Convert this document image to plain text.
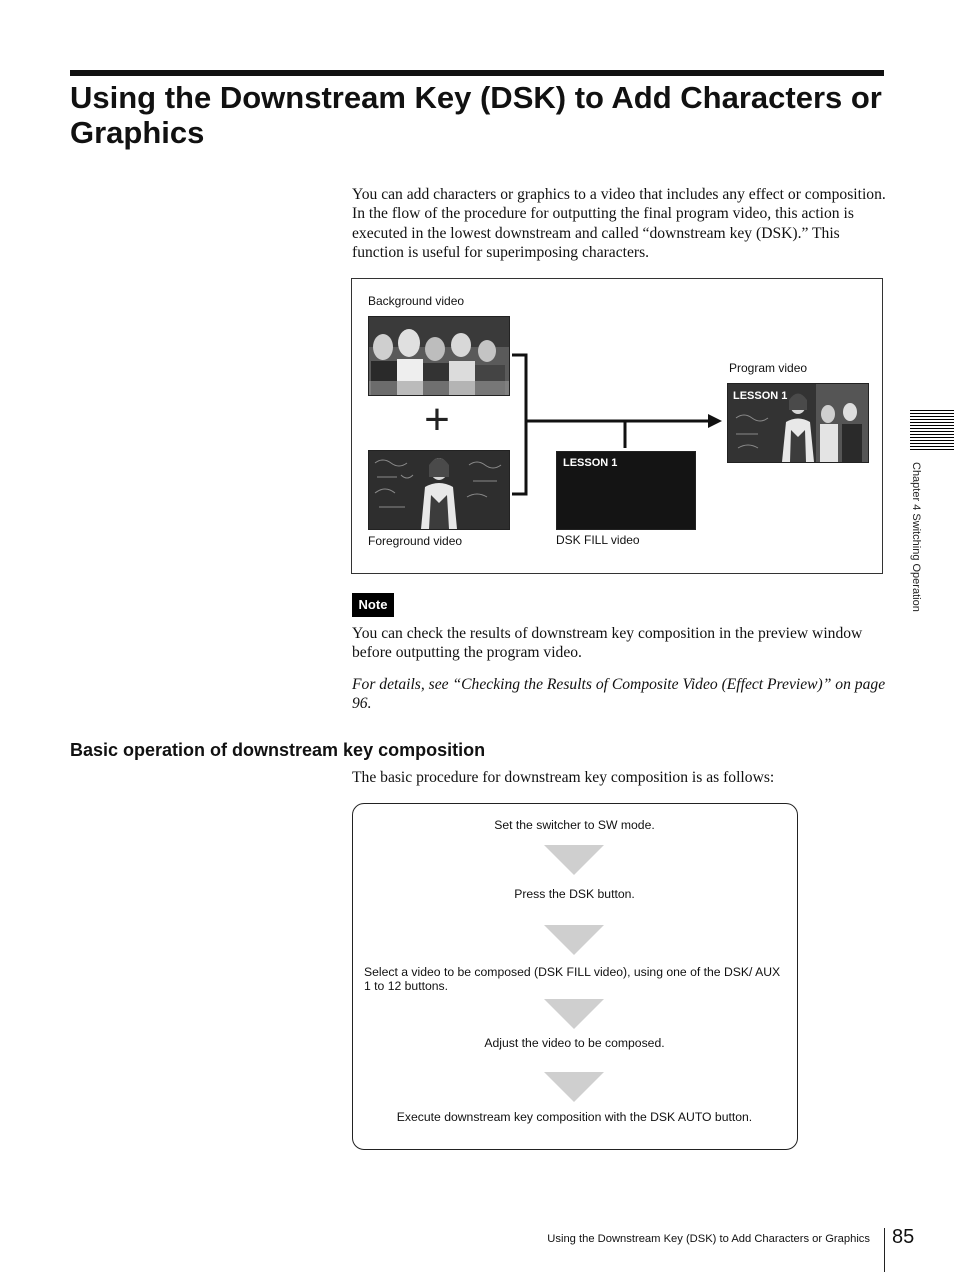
Using the Downstream Key (DSK) to Add Characters or Graphics
You can add characters or graphics to a video that includes any effect or composition. In the flow of the procedure for outputting the final program video, this action is executed in the lowest downstream and called “downstream key (DSK).” This function is useful for superimposing characters.
Background video
+
Foreground video
LESSON 1
DSK FILL video
Program video
LESSON 1
Note
You can check the results of downstream key composition in the preview window before outputting the program video.
For details, see “Checking the Results of Composite Video (Effect Preview)” on page 96.
Basic operation of downstream key composition
The basic procedure for downstream key composition is as follows:
Set the switcher to SW mode.
Press the DSK button.
Select a video to be composed (DSK FILL video), using one of the DSK/ AUX 1 to 12 buttons.
Adjust the video to be composed.
Execute downstream key composition with the DSK AUTO button.
Chapter 4 Switching Operation
Using the Downstream Key (DSK) to Add Characters or Graphics 85
